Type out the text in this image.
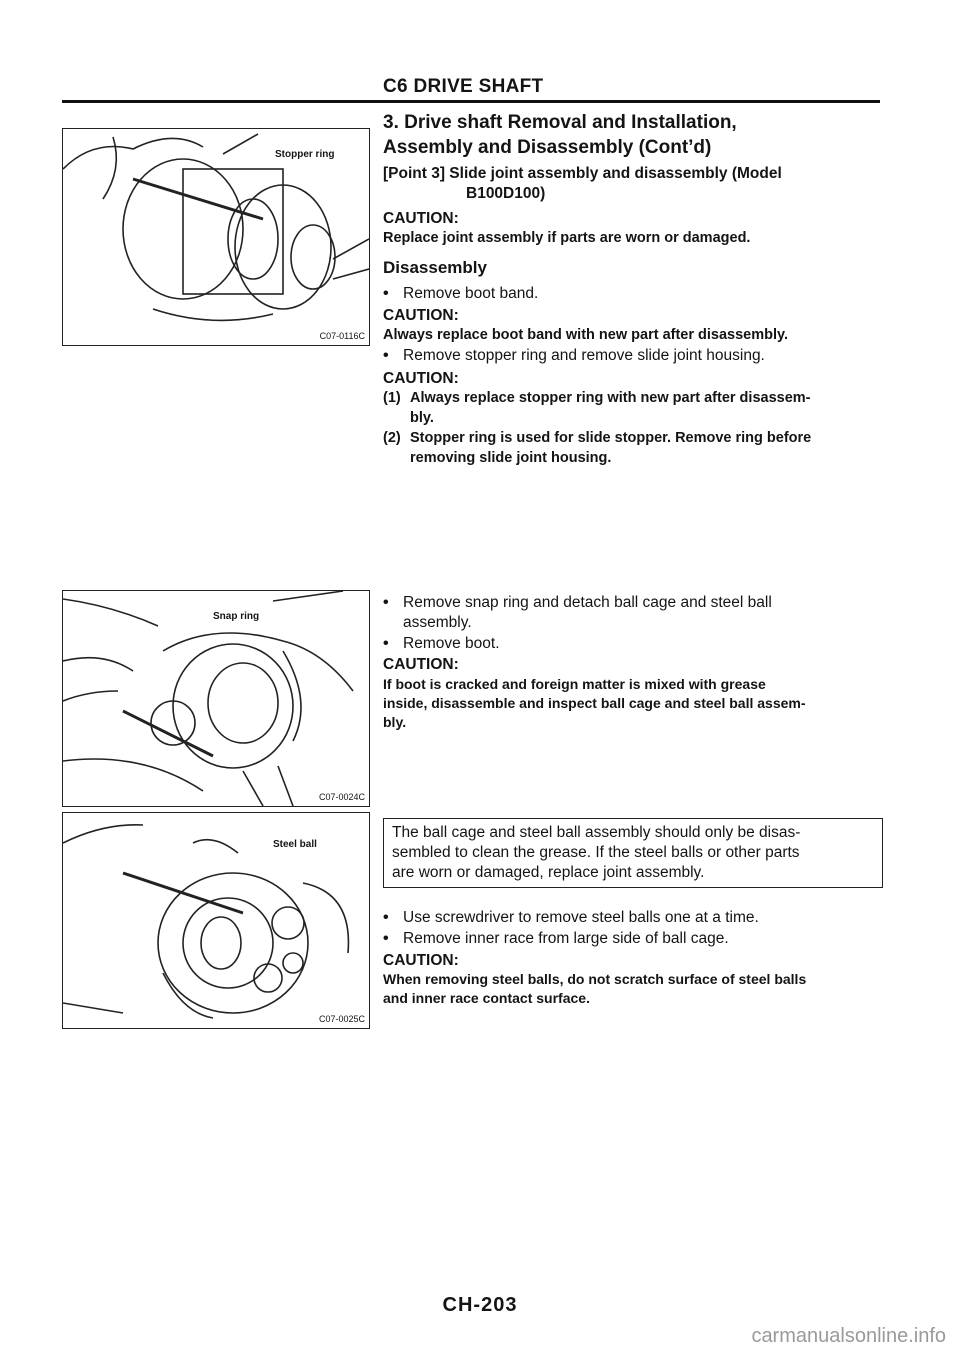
C6 DRIVE SHAFT
3. Drive shaft Removal and Installation,
Assembly and Disassembly (Cont’d)
[Point 3] Slide joint assembly and disassembly (Model
B100D100)
CAUTION:
Replace joint assembly if parts are worn or damaged.
Disassembly
• Remove boot band.
CAUTION:
Always replace boot band with new part after disassembly.
• Remove stopper ring and remove slide joint housing.
CAUTION:
(1) Always replace stopper ring with new part after disassem-
bly.
(2) Stopper ring is used for slide stopper. Remove ring before
removing slide joint housing.
• Remove snap ring and detach ball cage and steel ball
assembly.
• Remove boot.
CAUTION:
If boot is cracked and foreign matter is mixed with grease
inside, disassemble and inspect ball cage and steel ball assem-
bly.
The ball cage and steel ball assembly should only be disas-
sembled to clean the grease. If the steel balls or other parts
are worn or damaged, replace joint assembly.
• Use screwdriver to remove steel balls one at a time.
• Remove inner race from large side of ball cage.
CAUTION:
When removing steel balls, do not scratch surface of steel balls
and inner race contact surface.
Stopper ring
C07-0116C
Snap ring
C07-0024C
Steel ball
C07-0025C
CH-203
carmanualsonline.info
